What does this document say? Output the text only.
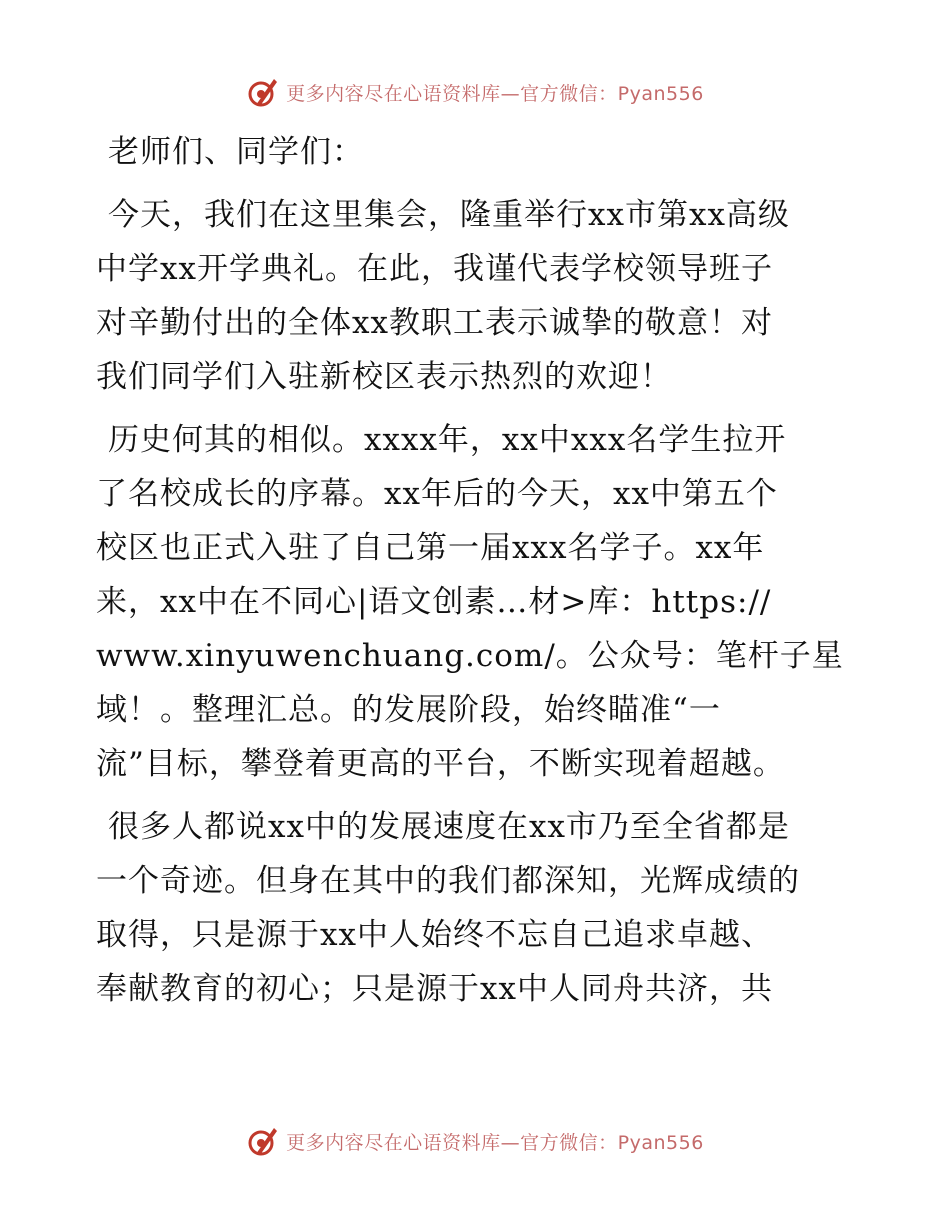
更多内容尽在心语资料库—官方微信：Pyan556
老师们、同学们：
今天，我们在这里集会，隆重举行xx市第xx高级
中学xx开学典礼。在此，我谨代表学校领导班子
对辛勤付出的全体xx教职工表示诚挚的敬意！对
我们同学们入驻新校区表示热烈的欢迎！
历史何其的相似。xxxx年，xx中xxx名学生拉开
了名校成长的序幕。xx年后的今天，xx中第五个
校区也正式入驻了自己第一届xxx名学子。xx年
来，xx中在不同心|语文创素…材>库：https://
www.xinyuwenchuang.com/。公众号：笔杆子星
域！。整理汇总。的发展阶段，始终瞄准“一
流”目标，攀登着更高的平台，不断实现着超越。
很多人都说xx中的发展速度在xx市乃至全省都是
一个奇迹。但身在其中的我们都深知，光辉成绩的
取得，只是源于xx中人始终不忘自己追求卓越、
奉献教育的初心；只是源于xx中人同舟共济，共
更多内容尽在心语资料库—官方微信：Pyan556
